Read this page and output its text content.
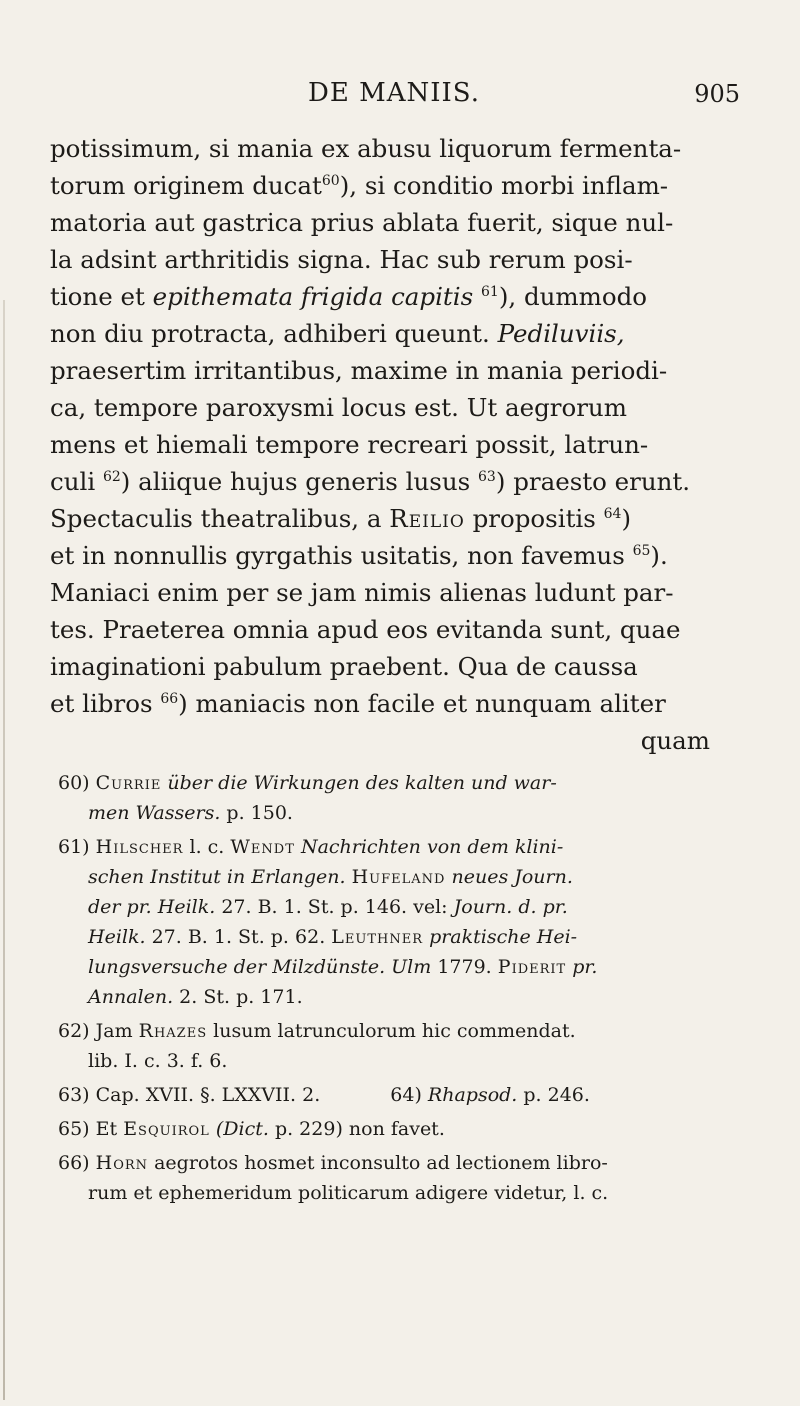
DE MANIIS.	905
potissimum, si mania ex abusu liquorum fermenta-
torum originem ducat$^{60}$), si conditio morbi inflam-
matoria aut gastrica prius ablata fuerit, sique nul-
la adsint arthritidis signa. Hac sub rerum posi-
tione et epithemata frigida capitis $^{61}$), dummodo
non diu protracta, adhiberi queunt. Pediluviis,
praesertim irritantibus, maxime in mania periodi-
ca, tempore paroxysmi locus est. Ut aegrorum
mens et hiemali tempore recreari possit, latrun-
culi $^{62}$) aliique hujus generis lusus $^{63}$) praesto erunt.
Spectaculis theatralibus, a Reilio propositis $^{64}$)
et in nonnullis gyrgathis usitatis, non favemus $^{65}$).
Maniaci enim per se jam nimis alienas ludunt par-
tes. Praeterea omnia apud eos evitanda sunt, quae
imaginationi pabulum praebent. Qua de caussa
et libros $^{66}$) maniacis non facile et nunquam aliter
quam
60) Currie über die Wirkungen des kalten und war-
men Wassers. p. 150.
61) Hilscher l. c. Wendt Nachrichten von dem klini-
schen Institut in Erlangen. Hufeland neues Journ.
der pr. Heilk. 27. B. 1. St. p. 146. vel: Journ. d. pr.
Heilk. 27. B. 1. St. p. 62. Leuthner praktische Hei-
lungsversuche der Milzdünste. Ulm 1779. Piderit pr.
Annalen. 2. St. p. 171.
62) Jam Rhazes lusum latrunculorum hic commendat.
lib. I. c. 3. f. 6.
63) Cap. XVII. §. LXXVII. 2.	64) Rhapsod. p. 246.
65) Et Esquirol (Dict. p. 229) non favet.
66) Horn aegrotos hosmet inconsulto ad lectionem libro-
rum et ephemeridum politicarum adigere videtur, l. c.
